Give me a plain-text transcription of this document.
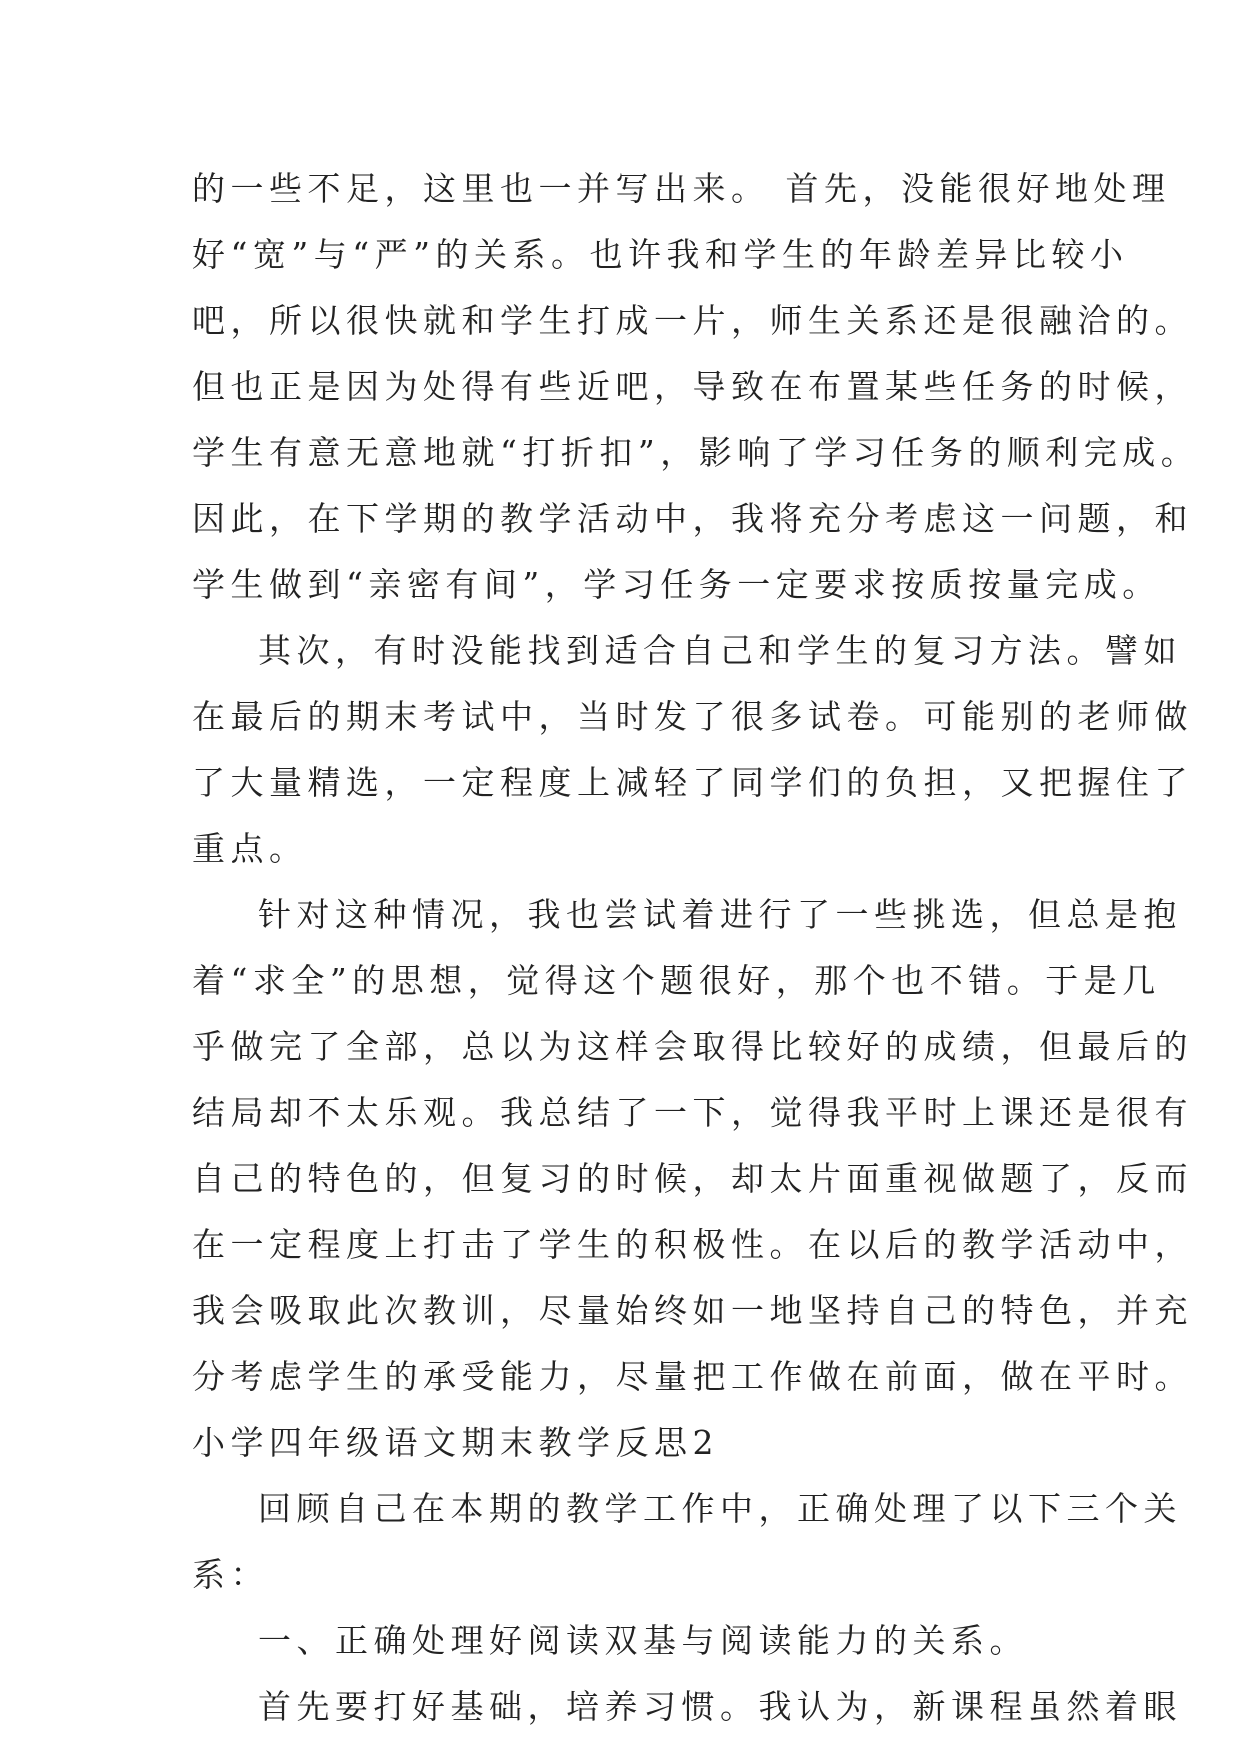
的一些不足，这里也一并写出来。 首先，没能很好地处理
好“宽”与“严”的关系。也许我和学生的年龄差异比较小
吧，所以很快就和学生打成一片，师生关系还是很融洽的。
但也正是因为处得有些近吧，导致在布置某些任务的时候，
学生有意无意地就“打折扣”，影响了学习任务的顺利完成。
因此，在下学期的教学活动中，我将充分考虑这一问题，和
学生做到“亲密有间”，学习任务一定要求按质按量完成。
其次，有时没能找到适合自己和学生的复习方法。譬如
在最后的期末考试中，当时发了很多试卷。可能别的老师做
了大量精选，一定程度上减轻了同学们的负担，又把握住了
重点。
针对这种情况，我也尝试着进行了一些挑选，但总是抱
着“求全”的思想，觉得这个题很好，那个也不错。于是几
乎做完了全部，总以为这样会取得比较好的成绩，但最后的
结局却不太乐观。我总结了一下，觉得我平时上课还是很有
自己的特色的，但复习的时候，却太片面重视做题了，反而
在一定程度上打击了学生的积极性。在以后的教学活动中，
我会吸取此次教训，尽量始终如一地坚持自己的特色，并充
分考虑学生的承受能力，尽量把工作做在前面，做在平时。
小学四年级语文期末教学反思2
回顾自己在本期的教学工作中，正确处理了以下三个关
系：
一、正确处理好阅读双基与阅读能力的关系。
首先要打好基础，培养习惯。我认为，新课程虽然着眼
